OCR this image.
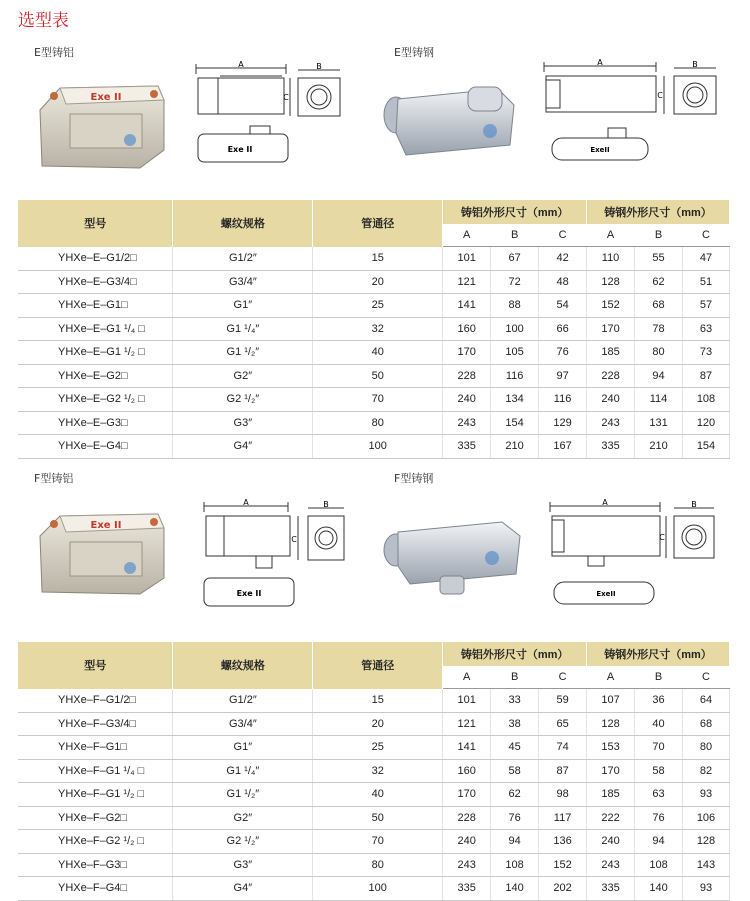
选型表
E型铸铝	E型铸钢
Exe II
A	B
C
Exe II
A	B
C
ExeII
型号	螺纹规格	管通径	铸铝外形尺寸（mm）			铸钢外形尺寸（mm）		
			A	B	C	A	B	C
YHXe–E–G1/2□	G1/2″	15	101	67	42	110	55	47
YHXe–E–G3/4□	G3/4″	20	121	72	48	128	62	51
YHXe–E–G1□	G1″	25	141	88	54	152	68	57
YHXe–E–G1 ¹/₄ □	G1 ¹/₄″	32	160	100	66	170	78	63
YHXe–E–G1 ¹/₂ □	G1 ¹/₂″	40	170	105	76	185	80	73
YHXe–E–G2□	G2″	50	228	116	97	228	94	87
YHXe–E–G2 ¹/₂ □	G2 ¹/₂″	70	240	134	116	240	114	108
YHXe–E–G3□	G3″	80	243	154	129	243	131	120
YHXe–E–G4□	G4″	100	335	210	167	335	210	154
F型铸铝	F型铸钢
Exe II
A	B
C
Exe II
A	B
C
ExeII
型号	螺纹规格	管通径	铸铝外形尺寸（mm）			铸钢外形尺寸（mm）		
			A	B	C	A	B	C
YHXe–F–G1/2□	G1/2″	15	101	33	59	107	36	64
YHXe–F–G3/4□	G3/4″	20	121	38	65	128	40	68
YHXe–F–G1□	G1″	25	141	45	74	153	70	80
YHXe–F–G1 ¹/₄ □	G1 ¹/₄″	32	160	58	87	170	58	82
YHXe–F–G1 ¹/₂ □	G1 ¹/₂″	40	170	62	98	185	63	93
YHXe–F–G2□	G2″	50	228	76	117	222	76	106
YHXe–F–G2 ¹/₂ □	G2 ¹/₂″	70	240	94	136	240	94	128
YHXe–F–G3□	G3″	80	243	108	152	243	108	143
YHXe–F–G4□	G4″	100	335	140	202	335	140	93
